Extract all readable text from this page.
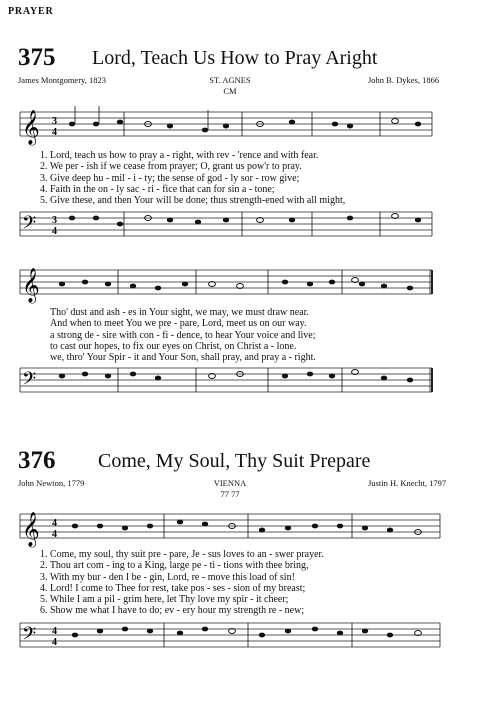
PRAYER
375 Lord, Teach Us How to Pray Aright
James Montgomery, 1823	ST. AGNES
CM
John B. Dykes, 1866
𝄞 3
4
1. Lord, teach us how to pray a - right, with rev - 'rence and with fear.
2. We per - ish if we cease from prayer; O, grant us pow'r to pray.
3. Give deep hu - mil - i - ty; the sense of god - ly sor - row give;
4. Faith in the on - ly sac - ri - fice that can for sin a - tone;
5. Give these, and then Your will be done; thus strength-ened with all might,
𝄢 3
4
𝄞
Tho' dust and ash - es in Your sight, we may, we must draw near.
And when to meet You we pre - pare, Lord, meet us on our way.
a strong de - sire with con - fi - dence, to hear Your voice and live;
to cast our hopes, to fix our eyes on Christ, on Christ a - lone.
we, thro' Your Spir - it and Your Son, shall pray, and pray a - right.
𝄢
376 Come, My Soul, Thy Suit Prepare
John Newton, 1779	VIENNA
77 77
Justin H. Knecht, 1797
𝄞 4
4
1. Come, my soul, thy suit pre - pare, Je - sus loves to an - swer prayer.
2. Thou art com - ing to a King, large pe - ti - tions with thee bring,
3. With my bur - den I be - gin, Lord, re - move this load of sin!
4. Lord! I come to Thee for rest, take pos - ses - sion of my breast;
5. While I am a pil - grim here, let Thy love my spir - it cheer;
6. Show me what I have to do; ev - ery hour my strength re - new;
𝄢 4
4
